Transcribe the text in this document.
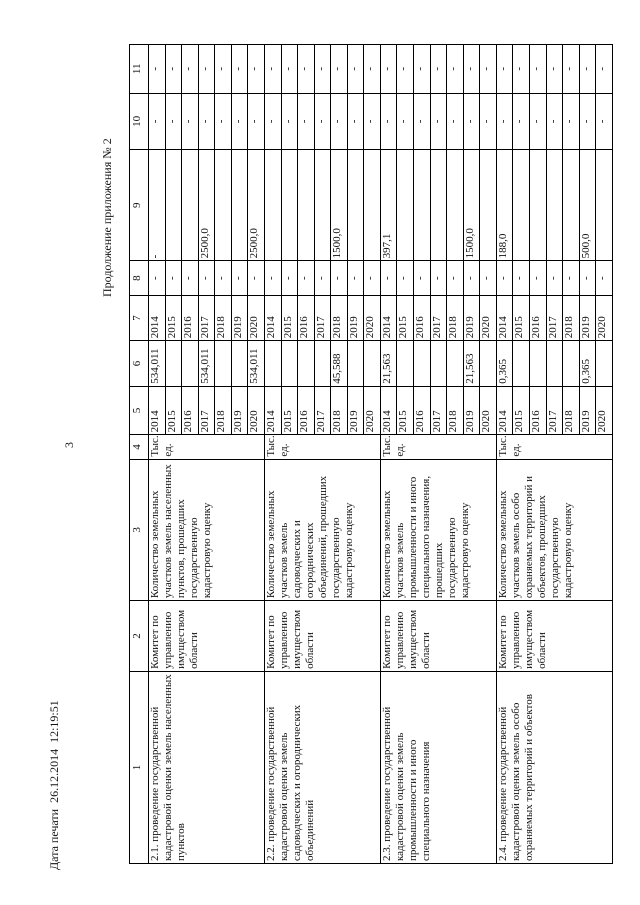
3
Дата печати26.12.201412:19:51
Продолжение приложения № 2
1	2	3	4	5	6	7	8	9	10	11
2.1. проведение государственной кадастровой оценки земель населенных пунктов	Комитет по управлению имуществом области	Количество земельных участков земель населенных пунктов, прошедших государственную кадастровую оценку	Тыс. ед.	2014	534,011	2014	-	-	-	-
				2015		2015	-		-	-
				2016		2016	-		-	-
				2017	534,011	2017	-	2500,0	-	-
				2018		2018	-		-	-
				2019		2019	-		-	-
				2020	534,011	2020	-	2500,0	-	-
2.2. проведение государственной кадастровой оценки земель садоводческих и огороднических объединений	Комитет по управлению имуществом области	Количество земельных участков земель садоводческих и огороднических объединений, прошедших государственную кадастровую оценку	Тыс. ед.	2014		2014	-		-	-
				2015		2015	-		-	-
				2016		2016	-		-	-
				2017		2017	-		-	-
				2018	45,588	2018	-	1500,0	-	-
				2019		2019	-		-	-
				2020		2020	-		-	-
2.3. проведение государственной кадастровой оценки земель промышленности и иного специального назначения	Комитет по управлению имуществом области	Количество земельных участков земель промышленности и иного специального назначения, прошедших государственную кадастровую оценку	Тыс. ед.	2014	21,563	2014	-	397,1	-	-
				2015		2015	-		-	-
				2016		2016	-		-	-
				2017		2017	-		-	-
				2018		2018	-		-	-
				2019	21,563	2019	-	1500,0	-	-
				2020		2020	-		-	-
2.4. проведение государственной кадастровой оценки земель особо охраняемых территорий и объектов	Комитет по управлению имуществом области	Количество земельных участков земель особо охраняемых территорий и объектов, прошедших государственную кадастровую оценку	Тыс. ед.	2014	0,365	2014	-	188,0	-	-
				2015		2015	-		-	-
				2016		2016	-		-	-
				2017		2017	-		-	-
				2018		2018	-		-	-
				2019	0,365	2019	-	500,0	-	-
				2020		2020	-		-	-
